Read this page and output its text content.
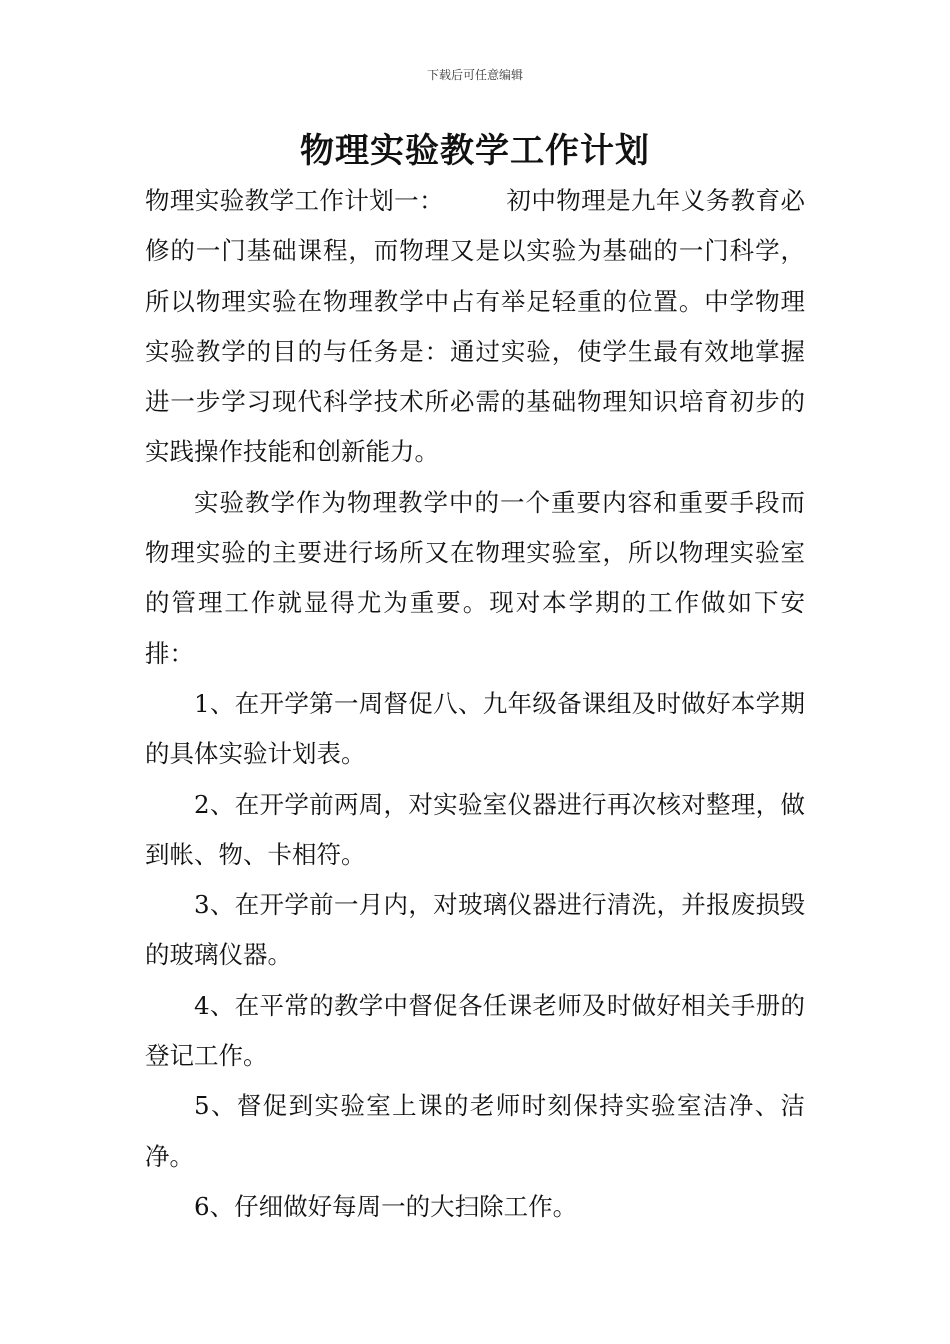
下载后可任意编辑
物理实验教学工作计划

物理实验教学工作计划一：	初中物理是九年义务教育必修的一门基础课程，而物理又是以实验为基础的一门科学，所以物理实验在物理教学中占有举足轻重的位置。中学物理实验教学的目的与任务是：通过实验，使学生最有效地掌握进一步学习现代科学技术所必需的基础物理知识培育初步的实践操作技能和创新能力。

实验教学作为物理教学中的一个重要内容和重要手段而物理实验的主要进行场所又在物理实验室，所以物理实验室的管理工作就显得尤为重要。现对本学期的工作做如下安排：

1、在开学第一周督促八、九年级备课组及时做好本学期的具体实验计划表。

2、在开学前两周，对实验室仪器进行再次核对整理，做到帐、物、卡相符。

3、在开学前一月内，对玻璃仪器进行清洗，并报废损毁的玻璃仪器。

4、在平常的教学中督促各任课老师及时做好相关手册的登记工作。

5、督促到实验室上课的老师时刻保持实验室洁净、洁净。

6、仔细做好每周一的大扫除工作。
